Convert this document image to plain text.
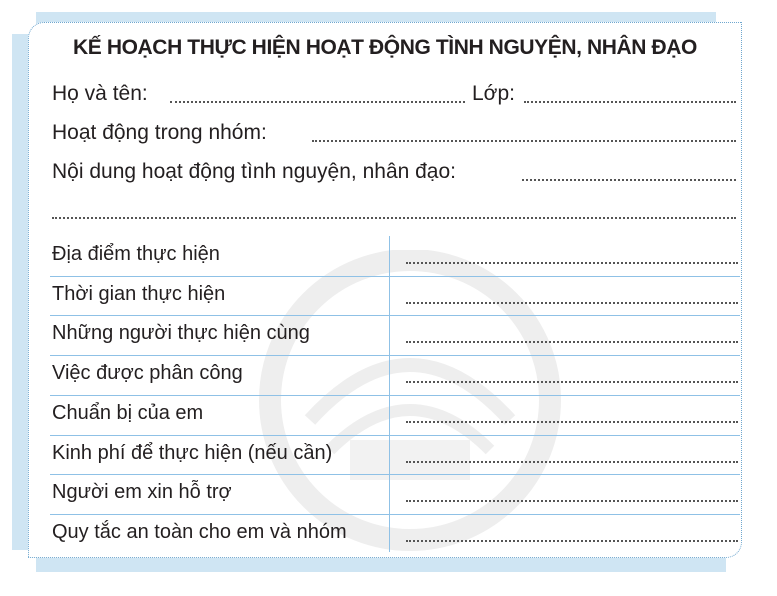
KẾ HOẠCH THỰC HIỆN HOẠT ĐỘNG TÌNH NGUYỆN, NHÂN ĐẠO
Họ và tên:	Lớp:
Hoạt động trong nhóm:
Nội dung hoạt động tình nguyện, nhân đạo:
Địa điểm thực hiện
Thời gian thực hiện
Những người thực hiện cùng
Việc được phân công
Chuẩn bị của em
Kinh phí để thực hiện (nếu cần)
Người em xin hỗ trợ
Quy tắc an toàn cho em và nhóm
